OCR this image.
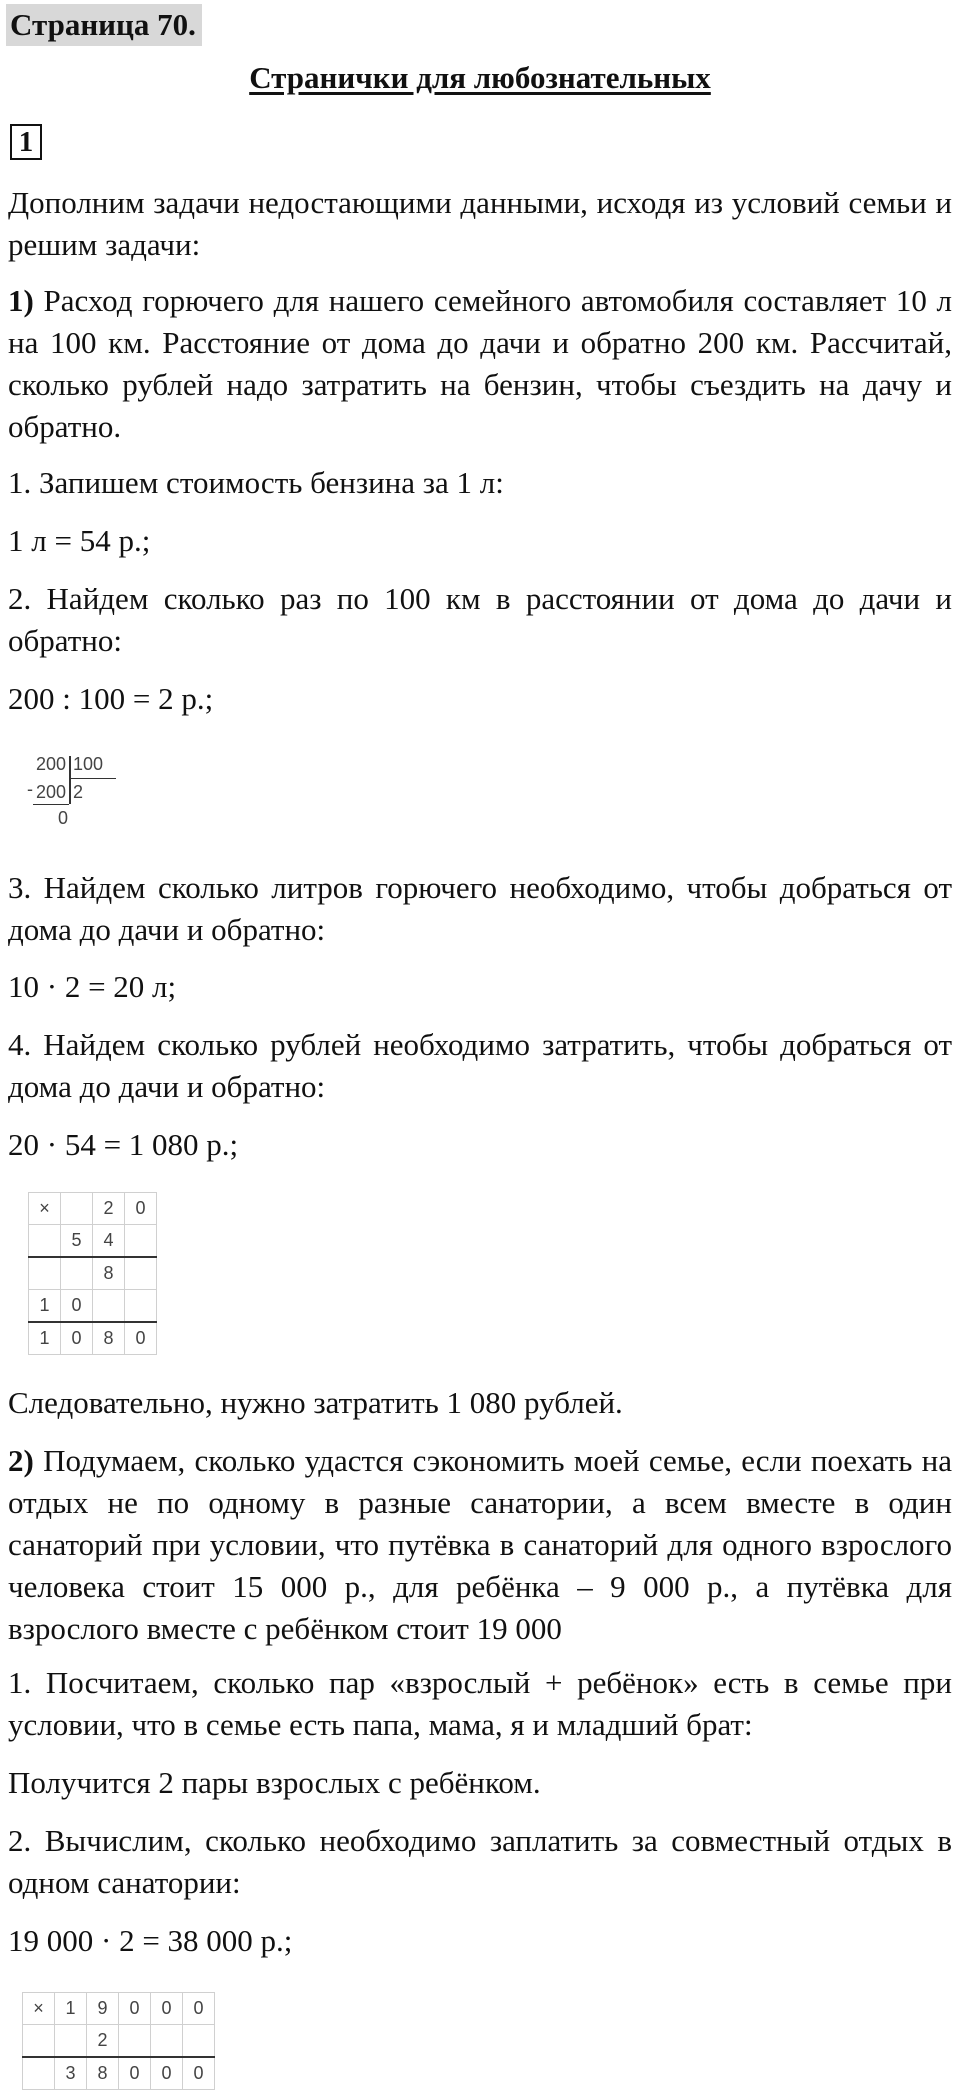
Страница 70.
Странички для любознательных
1
Дополним задачи недостающими данными, исходя из условий семьи и решим задачи:
1) Расход горючего для нашего семейного автомобиля составляет 10 л на 100 км. Расстояние от дома до дачи и обратно 200 км. Рассчитай, сколько рублей надо затратить на бензин, чтобы съездить на дачу и обратно.
1. Запишем стоимость бензина за 1 л:
1 л = 54 р.;
2. Найдем сколько раз по 100 км в расстоянии от дома до дачи и обратно:
200 : 100 = 2 р.;
200 100
- 200 2
0
3. Найдем сколько литров горючего необходимо, чтобы добраться от дома до дачи и обратно:
10 · 2 = 20 л;
4. Найдем сколько рублей необходимо затратить, чтобы добраться от дома до дачи и обратно:
20 · 54 = 1 080 р.;
×		2	0
	5	4	
		8	
1	0		
1	0	8	0
Следовательно, нужно затратить 1 080 рублей.
2) Подумаем, сколько удастся сэкономить моей семье, если поехать на отдых не по одному в разные санатории, а всем вместе в один санаторий при условии, что путёвка в санаторий для одного взрослого человека стоит 15 000 р., для ребёнка – 9 000 р., а путёвка для взрослого вместе с ребёнком стоит 19 000
1. Посчитаем, сколько пар «взрослый + ребёнок» есть в семье при условии, что в семье есть папа, мама, я и младший брат:
Получится 2 пары взрослых с ребёнком.
2. Вычислим, сколько необходимо заплатить за совместный отдых в одном санатории:
19 000 · 2 = 38 000 р.;
×	1	9	0	0	0
		2			
	3	8	0	0	0
